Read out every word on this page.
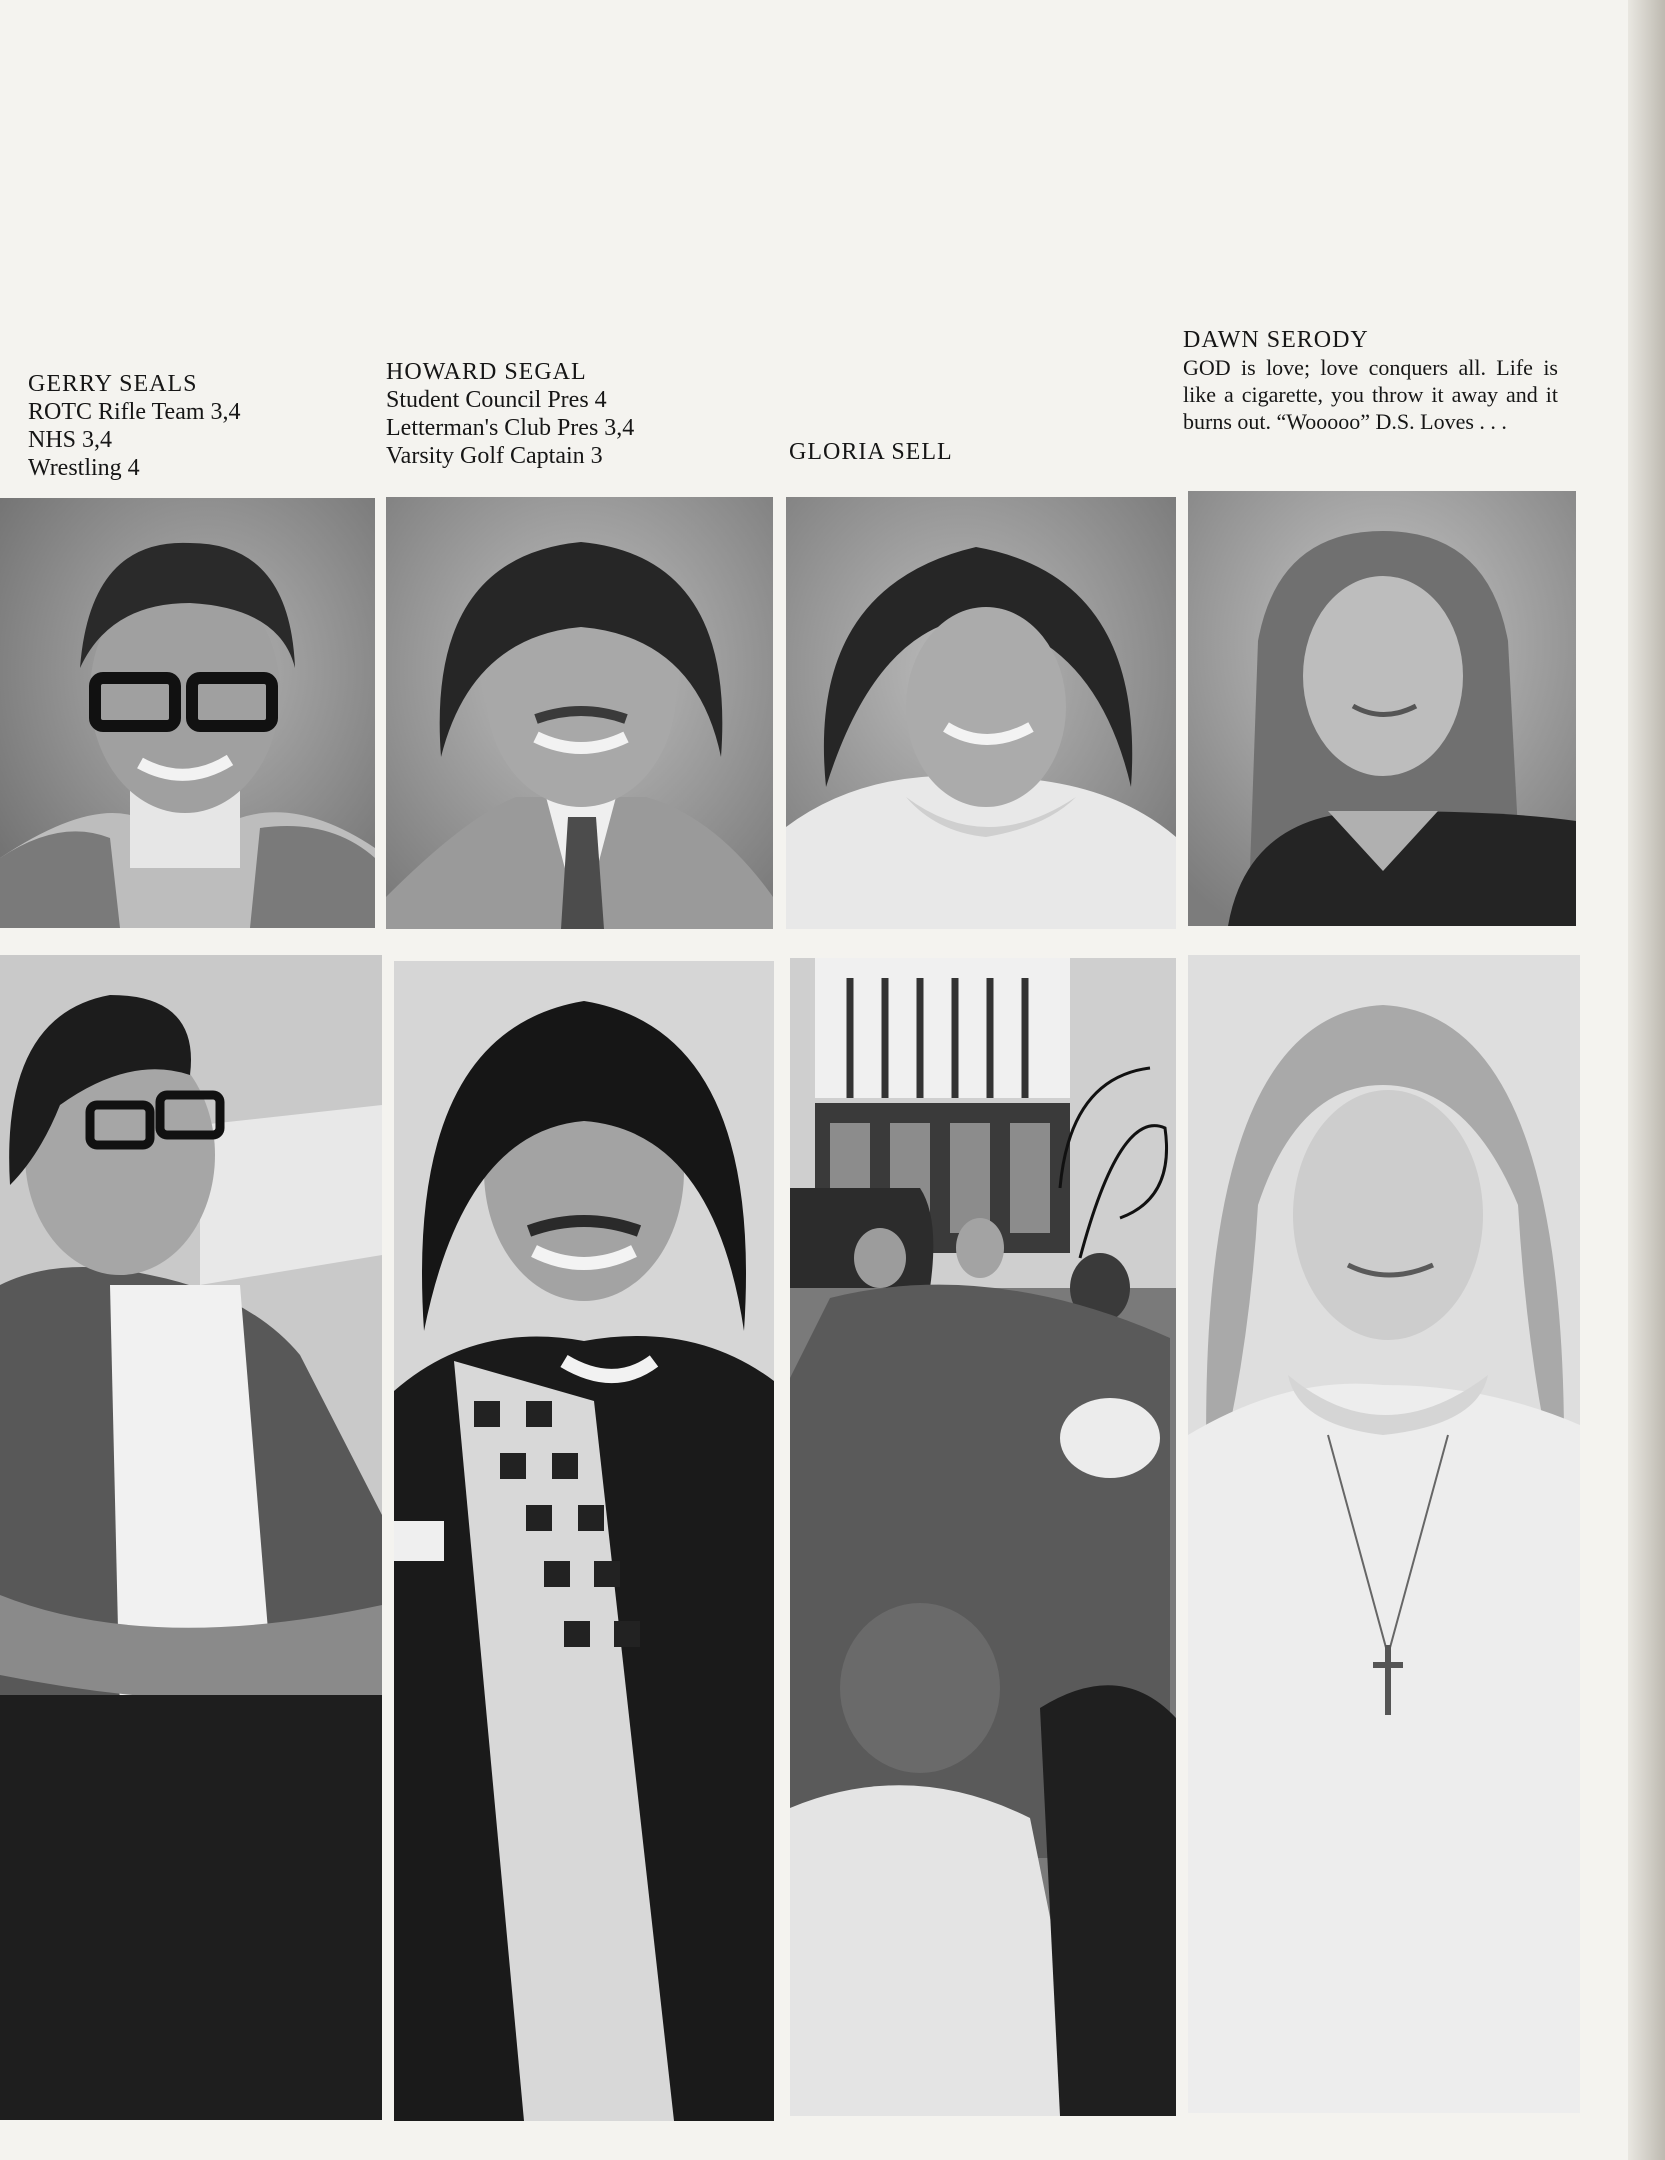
GERRY SEALS
ROTC Rifle Team 3,4
NHS 3,4
Wrestling 4
HOWARD SEGAL
Student Council Pres 4
Letterman's Club Pres 3,4
Varsity Golf Captain 3	GLORIA SELL
DAWN SERODY
GOD is love; love conquers all. Life is like a cigarette, you throw it away and it burns out. “Wooooo” D.S. Loves . . .
